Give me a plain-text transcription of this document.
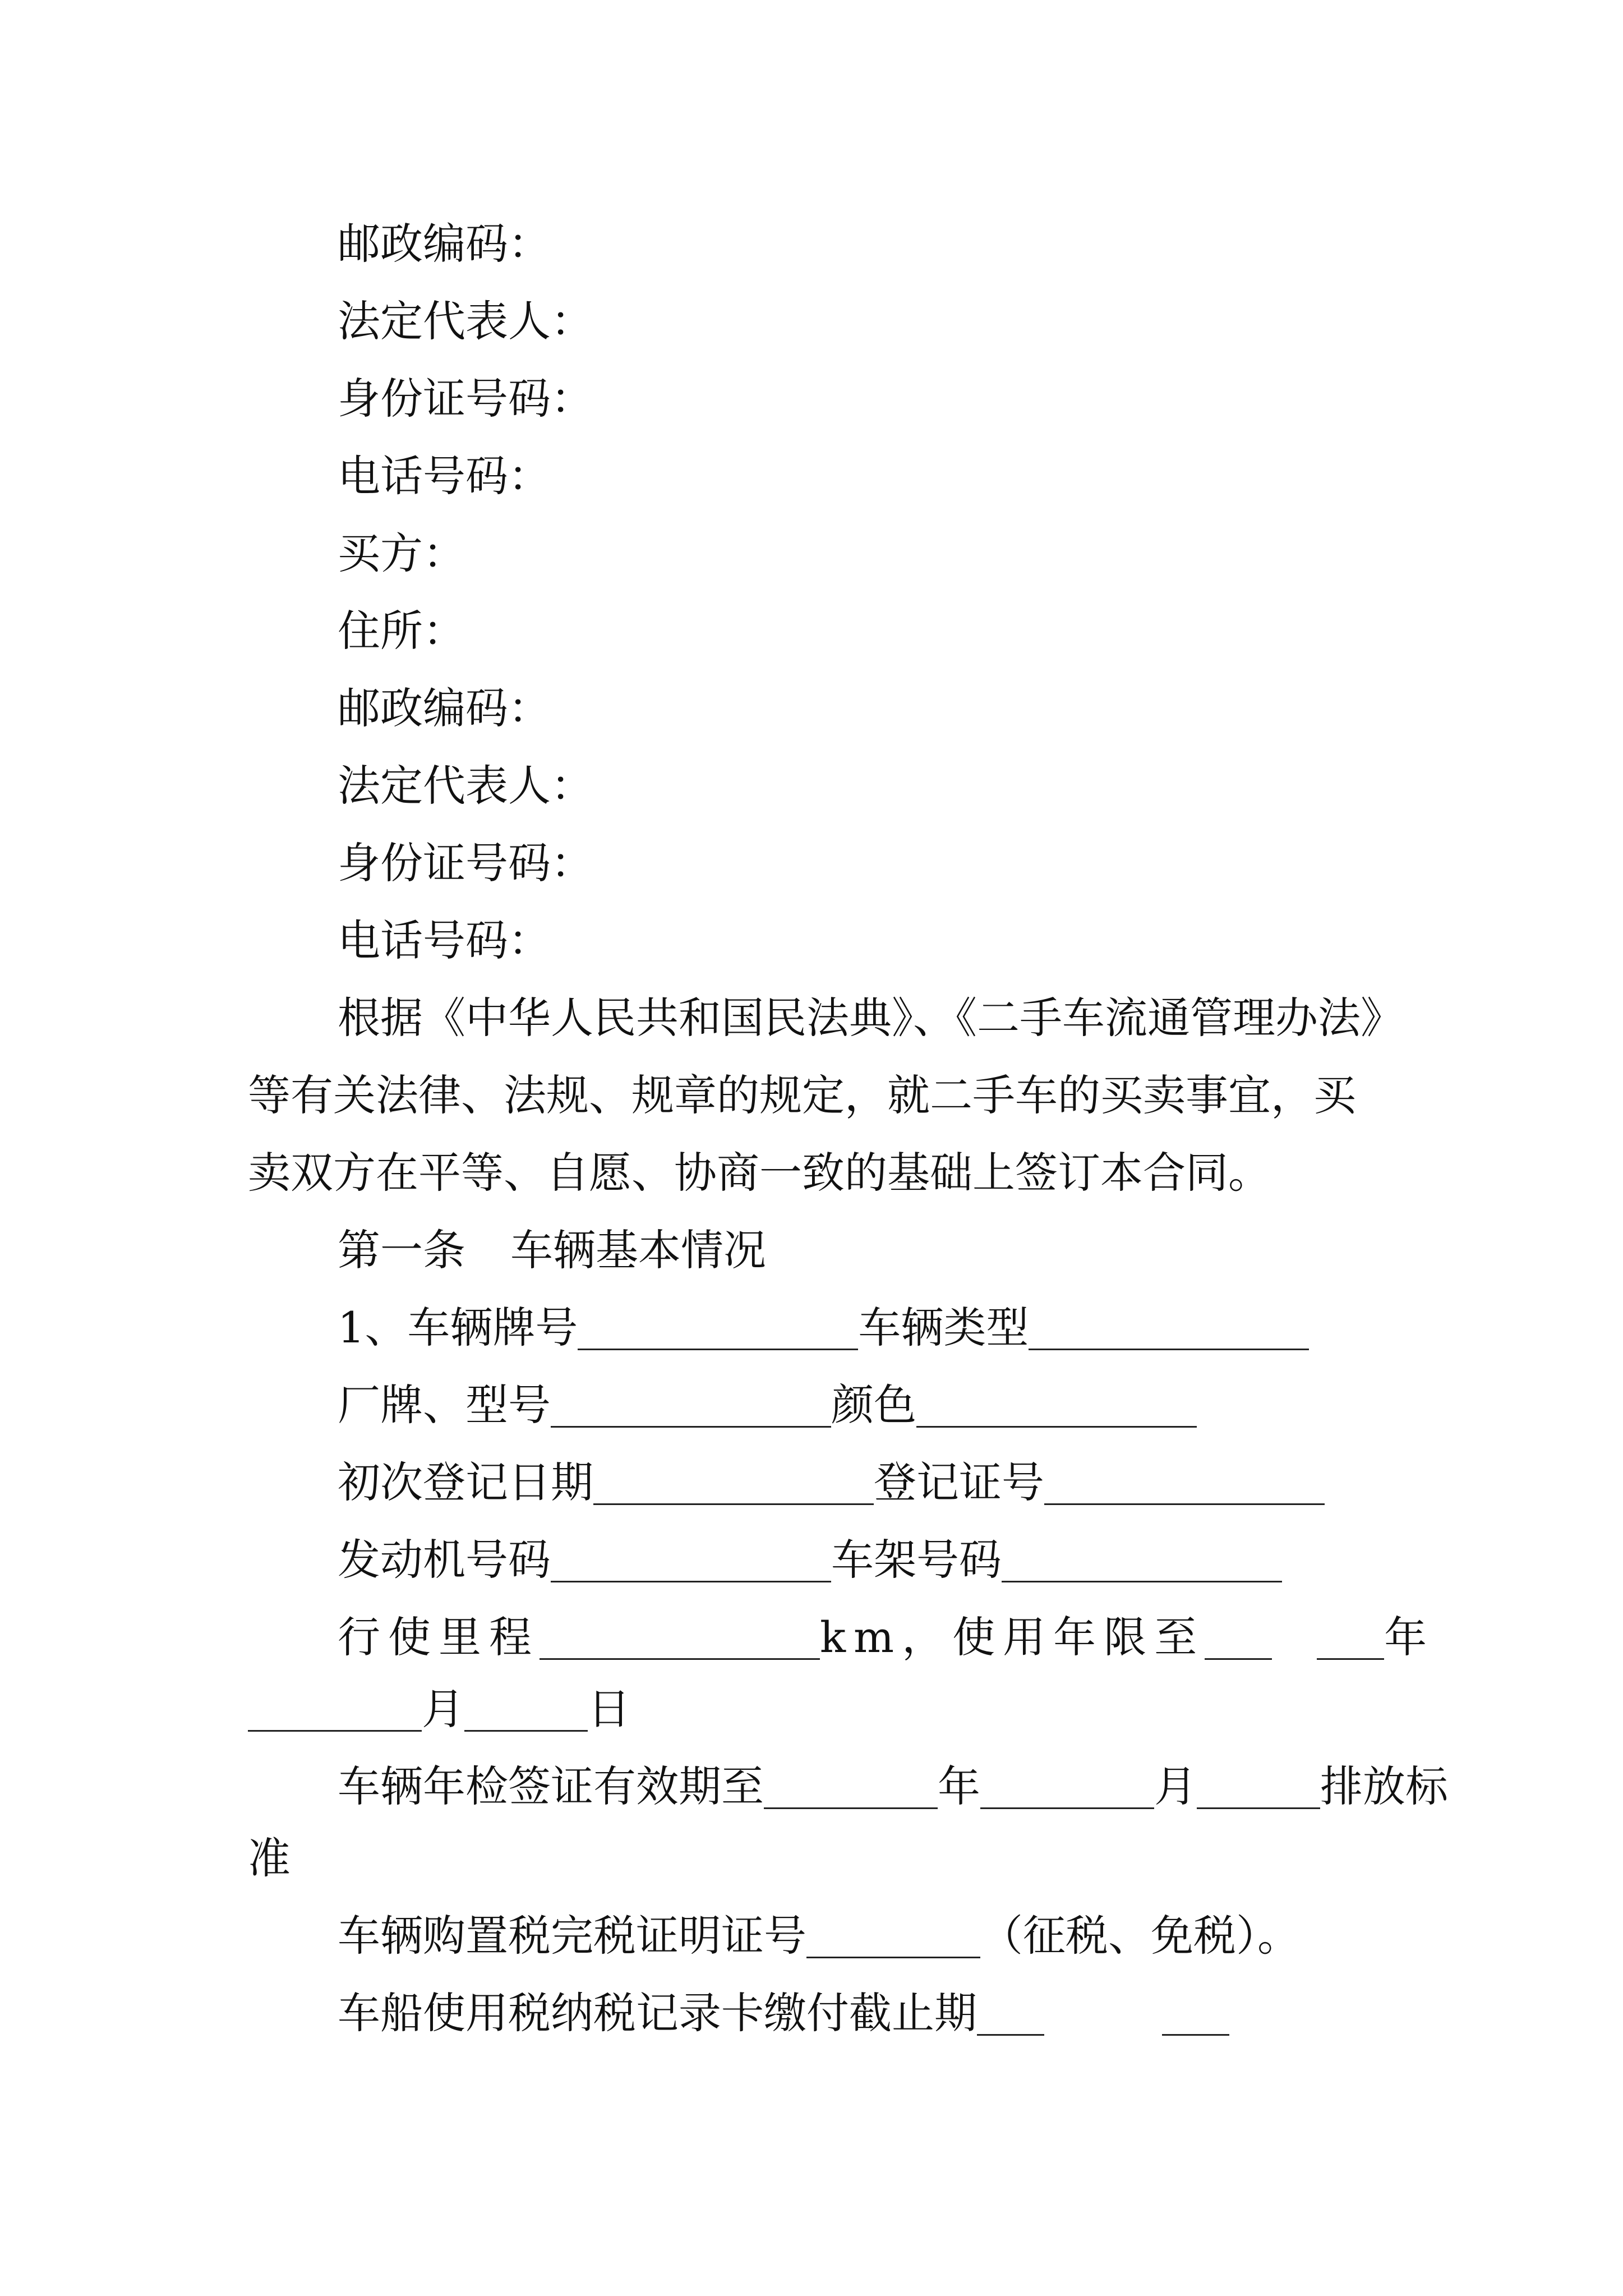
邮政编码：
法定代表人：
身份证号码：
电话号码：
买方：
住所：
邮政编码：
法定代表人：
身份证号码：
电话号码：
根据《中华人民共和国民法典》、《二手车流通管理办法》
等有关法律、法规、规章的规定，就二手车的买卖事宜，买
卖双方在平等、自愿、协商一致的基础上签订本合同。
第一条 车辆基本情况
1、车辆牌号	车辆类型
厂牌、型号	颜色
初次登记日期	登记证号
发动机号码	车架号码
行使里程	km，使用年限至	年
月	日
车辆年检签证有效期至	年	月	排放标
准
车辆购置税完税证明证号	（征税、免税）。
车船使用税纳税记录卡缴付截止期
